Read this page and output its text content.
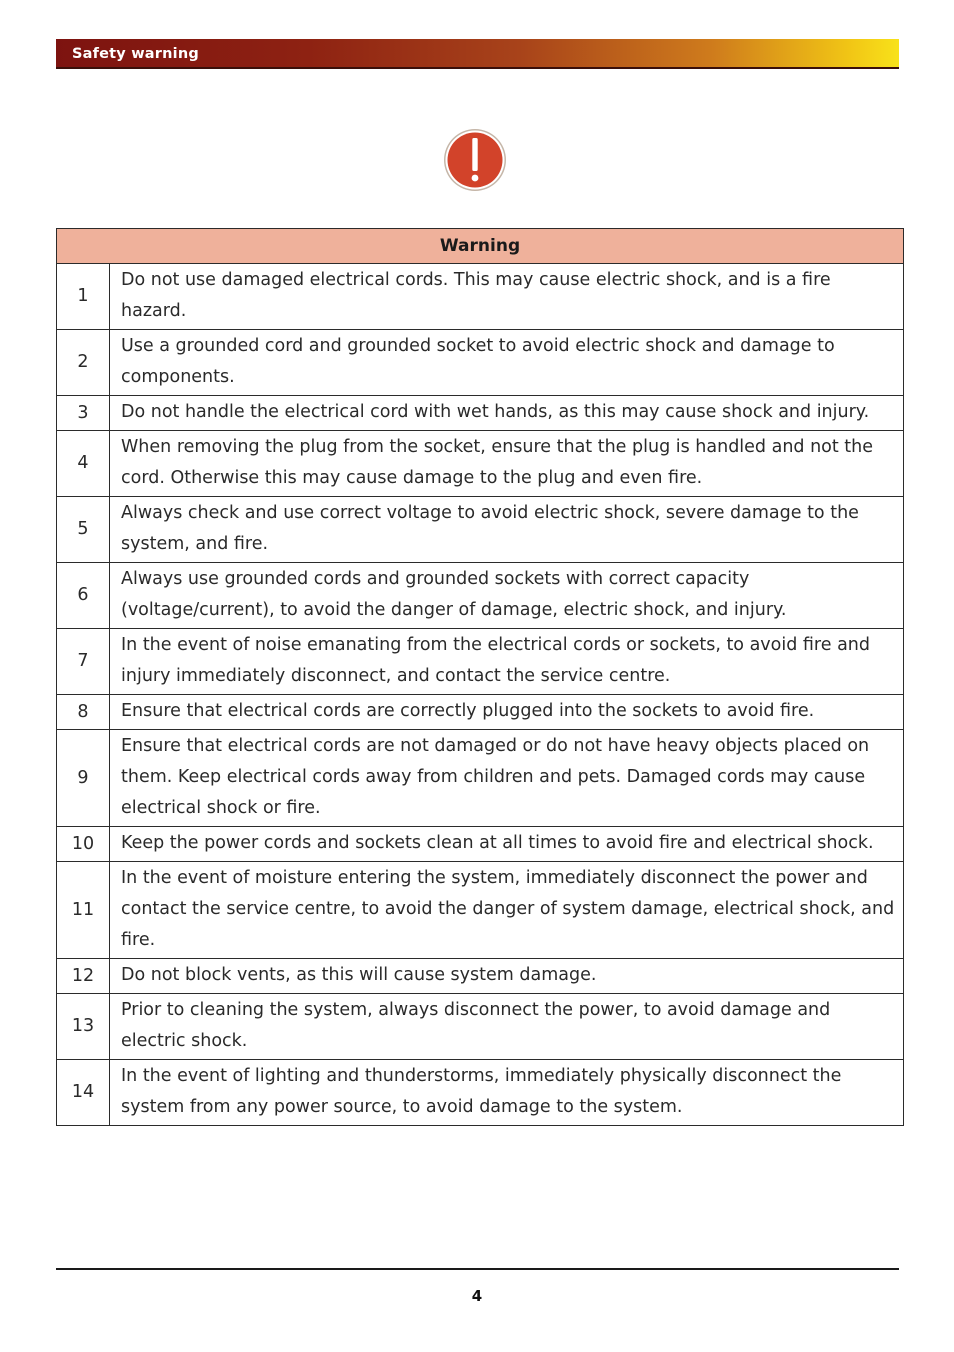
Safety warning
Warning	
1	Do not use damaged electrical cords. This may cause electric shock, and is a fire hazard.
2	Use a grounded cord and grounded socket to avoid electric shock and damage to components.
3	Do not handle the electrical cord with wet hands, as this may cause shock and injury.
4	When removing the plug from the socket, ensure that the plug is handled and not the cord. Otherwise this may cause damage to the plug and even fire.
5	Always check and use correct voltage to avoid electric shock, severe damage to the system, and fire.
6	Always use grounded cords and grounded sockets with correct capacity (voltage/current), to avoid the danger of damage, electric shock, and injury.
7	In the event of noise emanating from the electrical cords or sockets, to avoid fire and injury immediately disconnect, and contact the service centre.
8	Ensure that electrical cords are correctly plugged into the sockets to avoid fire.
9	Ensure that electrical cords are not damaged or do not have heavy objects placed on them. Keep electrical cords away from children and pets. Damaged cords may cause electrical shock or fire.
10	Keep the power cords and sockets clean at all times to avoid fire and electrical shock.
11	In the event of moisture entering the system, immediately disconnect the power and contact the service centre, to avoid the danger of system damage, electrical shock, and fire.
12	Do not block vents, as this will cause system damage.
13	Prior to cleaning the system, always disconnect the power, to avoid damage and electric shock.
14	In the event of lighting and thunderstorms, immediately physically disconnect the system from any power source, to avoid damage to the system.
4
